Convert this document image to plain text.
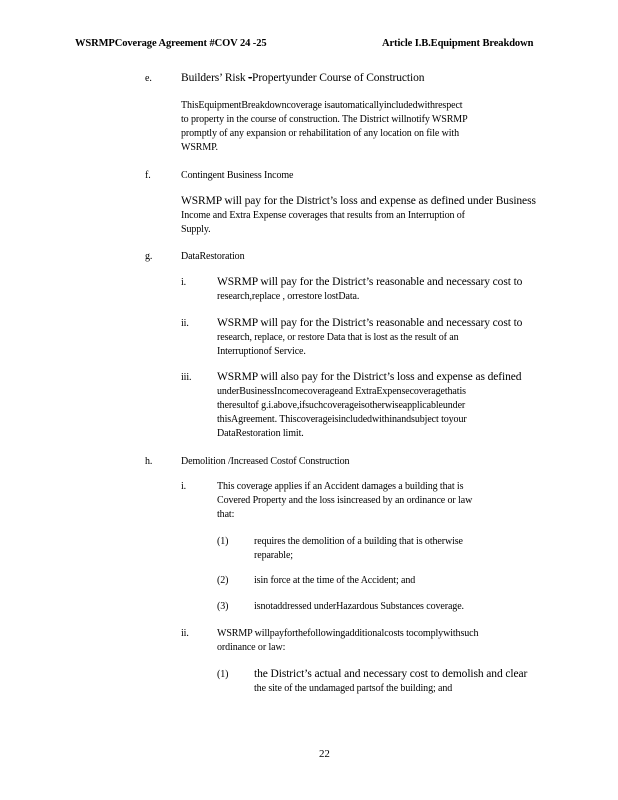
WSRMPCoverage Agreement #COV 24 -25	Article I.B.Equipment Breakdown
e.	Builders’ Risk -Propertyunder Course of Construction
ThisEquipmentBreakdowncoverage isautomaticallyincludedwithrespect
to property in the course of construction. The District willnotify WSRMP
promptly of any expansion or rehabilitation of any location on file with
WSRMP.
f.	Contingent Business Income
WSRMP will pay for the District’s loss and expense as defined under Business
Income and Extra Expense coverages that results from an Interruption of
Supply.
g.	DataRestoration
i.	WSRMP will pay for the District’s reasonable and necessary cost to
research,replace , orrestore lostData.
ii. WSRMP will pay for the District’s reasonable and necessary cost to
research, replace, or restore Data that is lost as the result of an
Interruptionof Service.
iii. WSRMP will also pay for the District’s loss and expense as defined
underBusinessIncomecoverageand ExtraExpensecoveragethatis
theresultof g.i.above,ifsuchcoverageisotherwiseapplicableunder
thisAgreement. Thiscoverageisincludedwithinandsubject toyour
DataRestoration limit.
h.	Demolition /Increased Costof Construction
i.	This coverage applies if an Accident damages a building that is
Covered Property and the loss isincreased by an ordinance or law
that:
(1)	requires the demolition of a building that is otherwise
reparable;
(2)	isin force at the time of the Accident; and
(3)	isnotaddressed underHazardous Substances coverage.
ii.	WSRMP willpayforthefollowingadditionalcosts tocomplywithsuch
ordinance or law:
(1) the District’s actual and necessary cost to demolish and clear
the site of the undamaged partsof the building; and
22
